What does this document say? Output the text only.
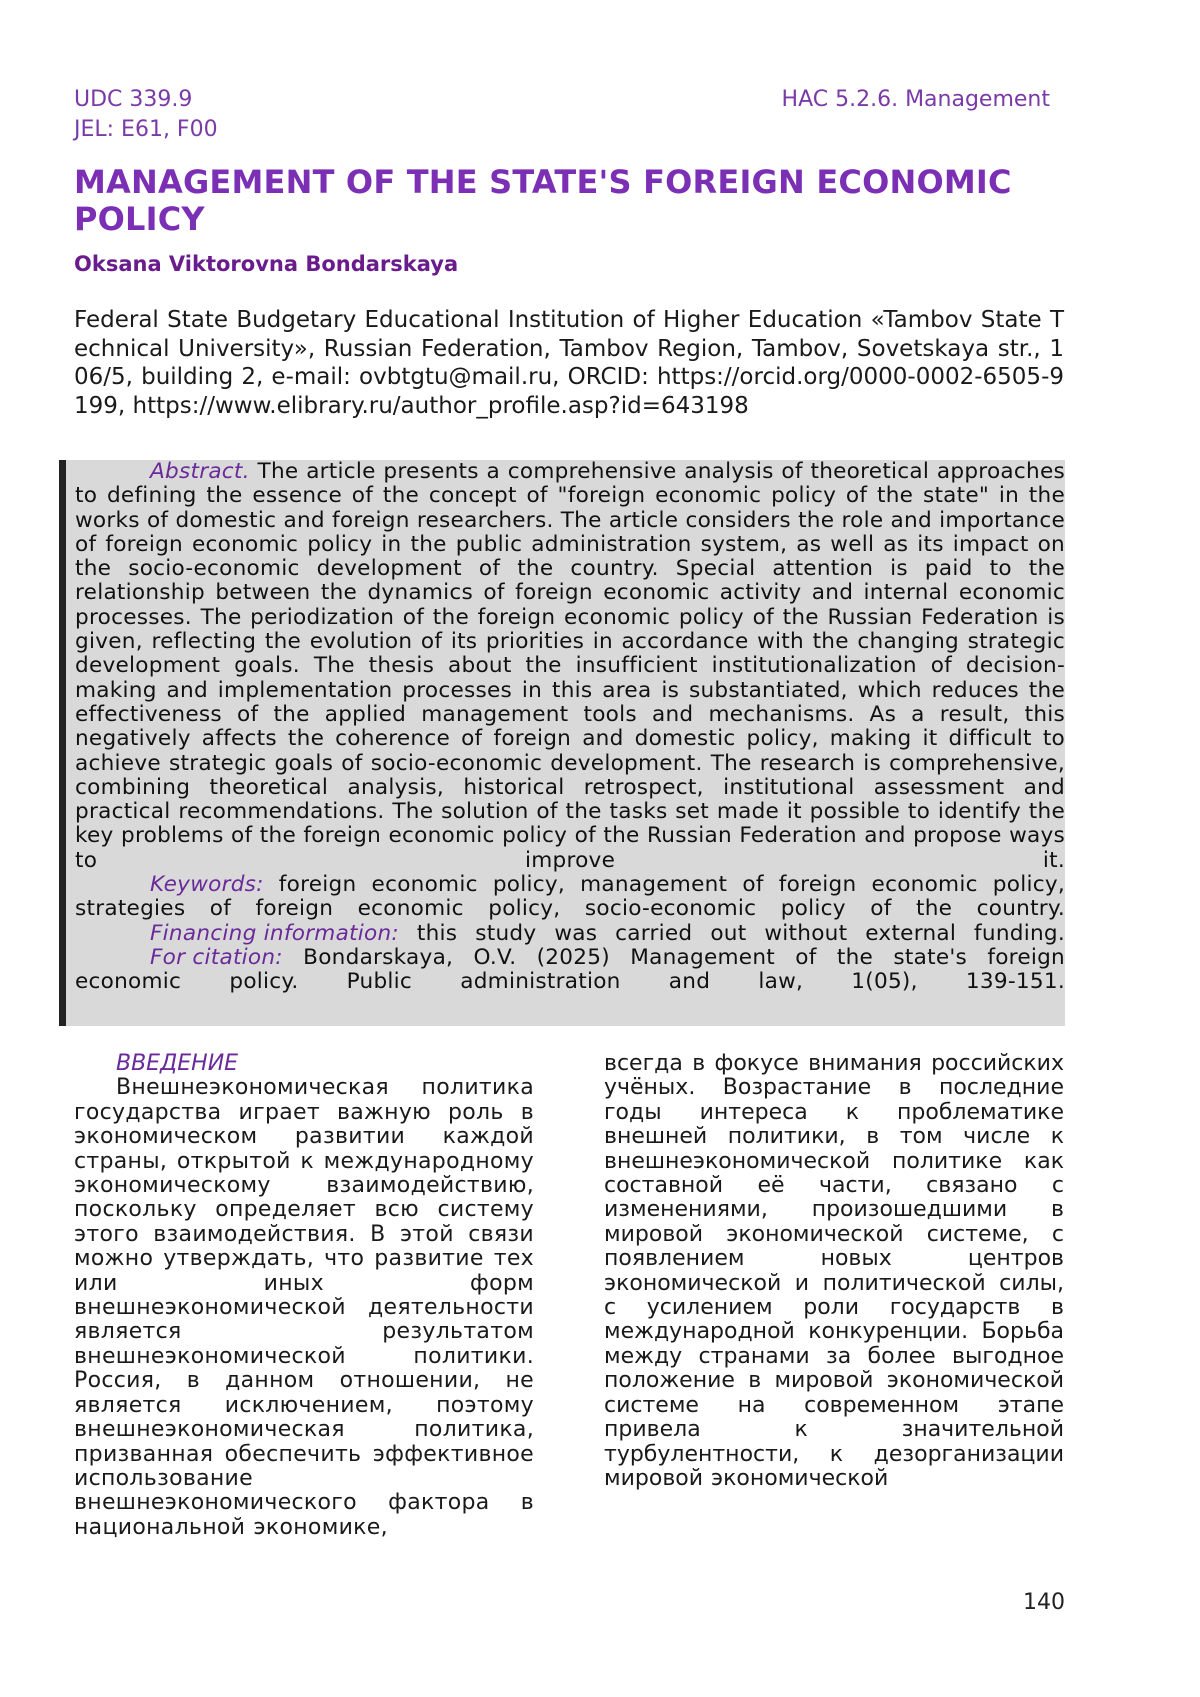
UDC 339.9
JEL: E61, F00
HAC 5.2.6. Management
MANAGEMENT OF THE STATE'S FOREIGN ECONOMIC POLICY
Oksana Viktorovna Bondarskaya
Federal State Budgetary Educational Institution of Higher Education «Tambov State Technical University», Russian Federation, Tambov Region, Tambov, Sovetskaya str., 106/5, building 2, e-mail: ovbtgtu@mail.ru, ORCID: https://orcid.org/0000-0002-6505-9199, https://www.elibrary.ru/author_profile.asp?id=643198

Abstract. The article presents a comprehensive analysis of theoretical approaches to defining the essence of the concept of "foreign economic policy of the state" in the works of domestic and foreign researchers. The article considers the role and importance of foreign economic policy in the public administration system, as well as its impact on the socio-economic development of the country. Special attention is paid to the relationship between the dynamics of foreign economic activity and internal economic processes. The periodization of the foreign economic policy of the Russian Federation is given, reflecting the evolution of its priorities in accordance with the changing strategic development goals. The thesis about the insufficient institutionalization of decision-making and implementation processes in this area is substantiated, which reduces the effectiveness of the applied management tools and mechanisms. As a result, this negatively affects the coherence of foreign and domestic policy, making it difficult to achieve strategic goals of socio-economic development. The research is comprehensive, combining theoretical analysis, historical retrospect, institutional assessment and practical recommendations. The solution of the tasks set made it possible to identify the key problems of the foreign economic policy of the Russian Federation and propose ways to improve it.

Keywords: foreign economic policy, management of foreign economic policy, strategies of foreign economic policy, socio-economic policy of the country.

Financing information: this study was carried out without external funding.

For citation: Bondarskaya, O.V. (2025) Management of the state's foreign economic policy. Public administration and law, 1(05), 139-151.

ВВЕДЕНИЕ

Внешнеэкономическая политика государства играет важную роль в экономическом развитии каждой страны, открытой к международному экономическому взаимодействию, поскольку определяет всю систему этого взаимодействия. В этой связи можно утверждать, что развитие тех или иных форм внешнеэкономической деятельности является результатом внешнеэкономической политики. Россия, в данном отношении, не является исключением, поэтому внешнеэкономическая политика, призванная обеспечить эффективное использование внешнеэкономического фактора в национальной экономике,

всегда в фокусе внимания российских учёных. Возрастание в последние годы интереса к проблематике внешней политики, в том числе к внешнеэкономической политике как составной её части, связано с изменениями, произошедшими в мировой экономической системе, с появлением новых центров экономической и политической силы, с усилением роли государств в международной конкуренции. Борьба между странами за более выгодное положение в мировой экономической системе на современном этапе привела к значительной турбулентности, к дезорганизации мировой экономической

140
